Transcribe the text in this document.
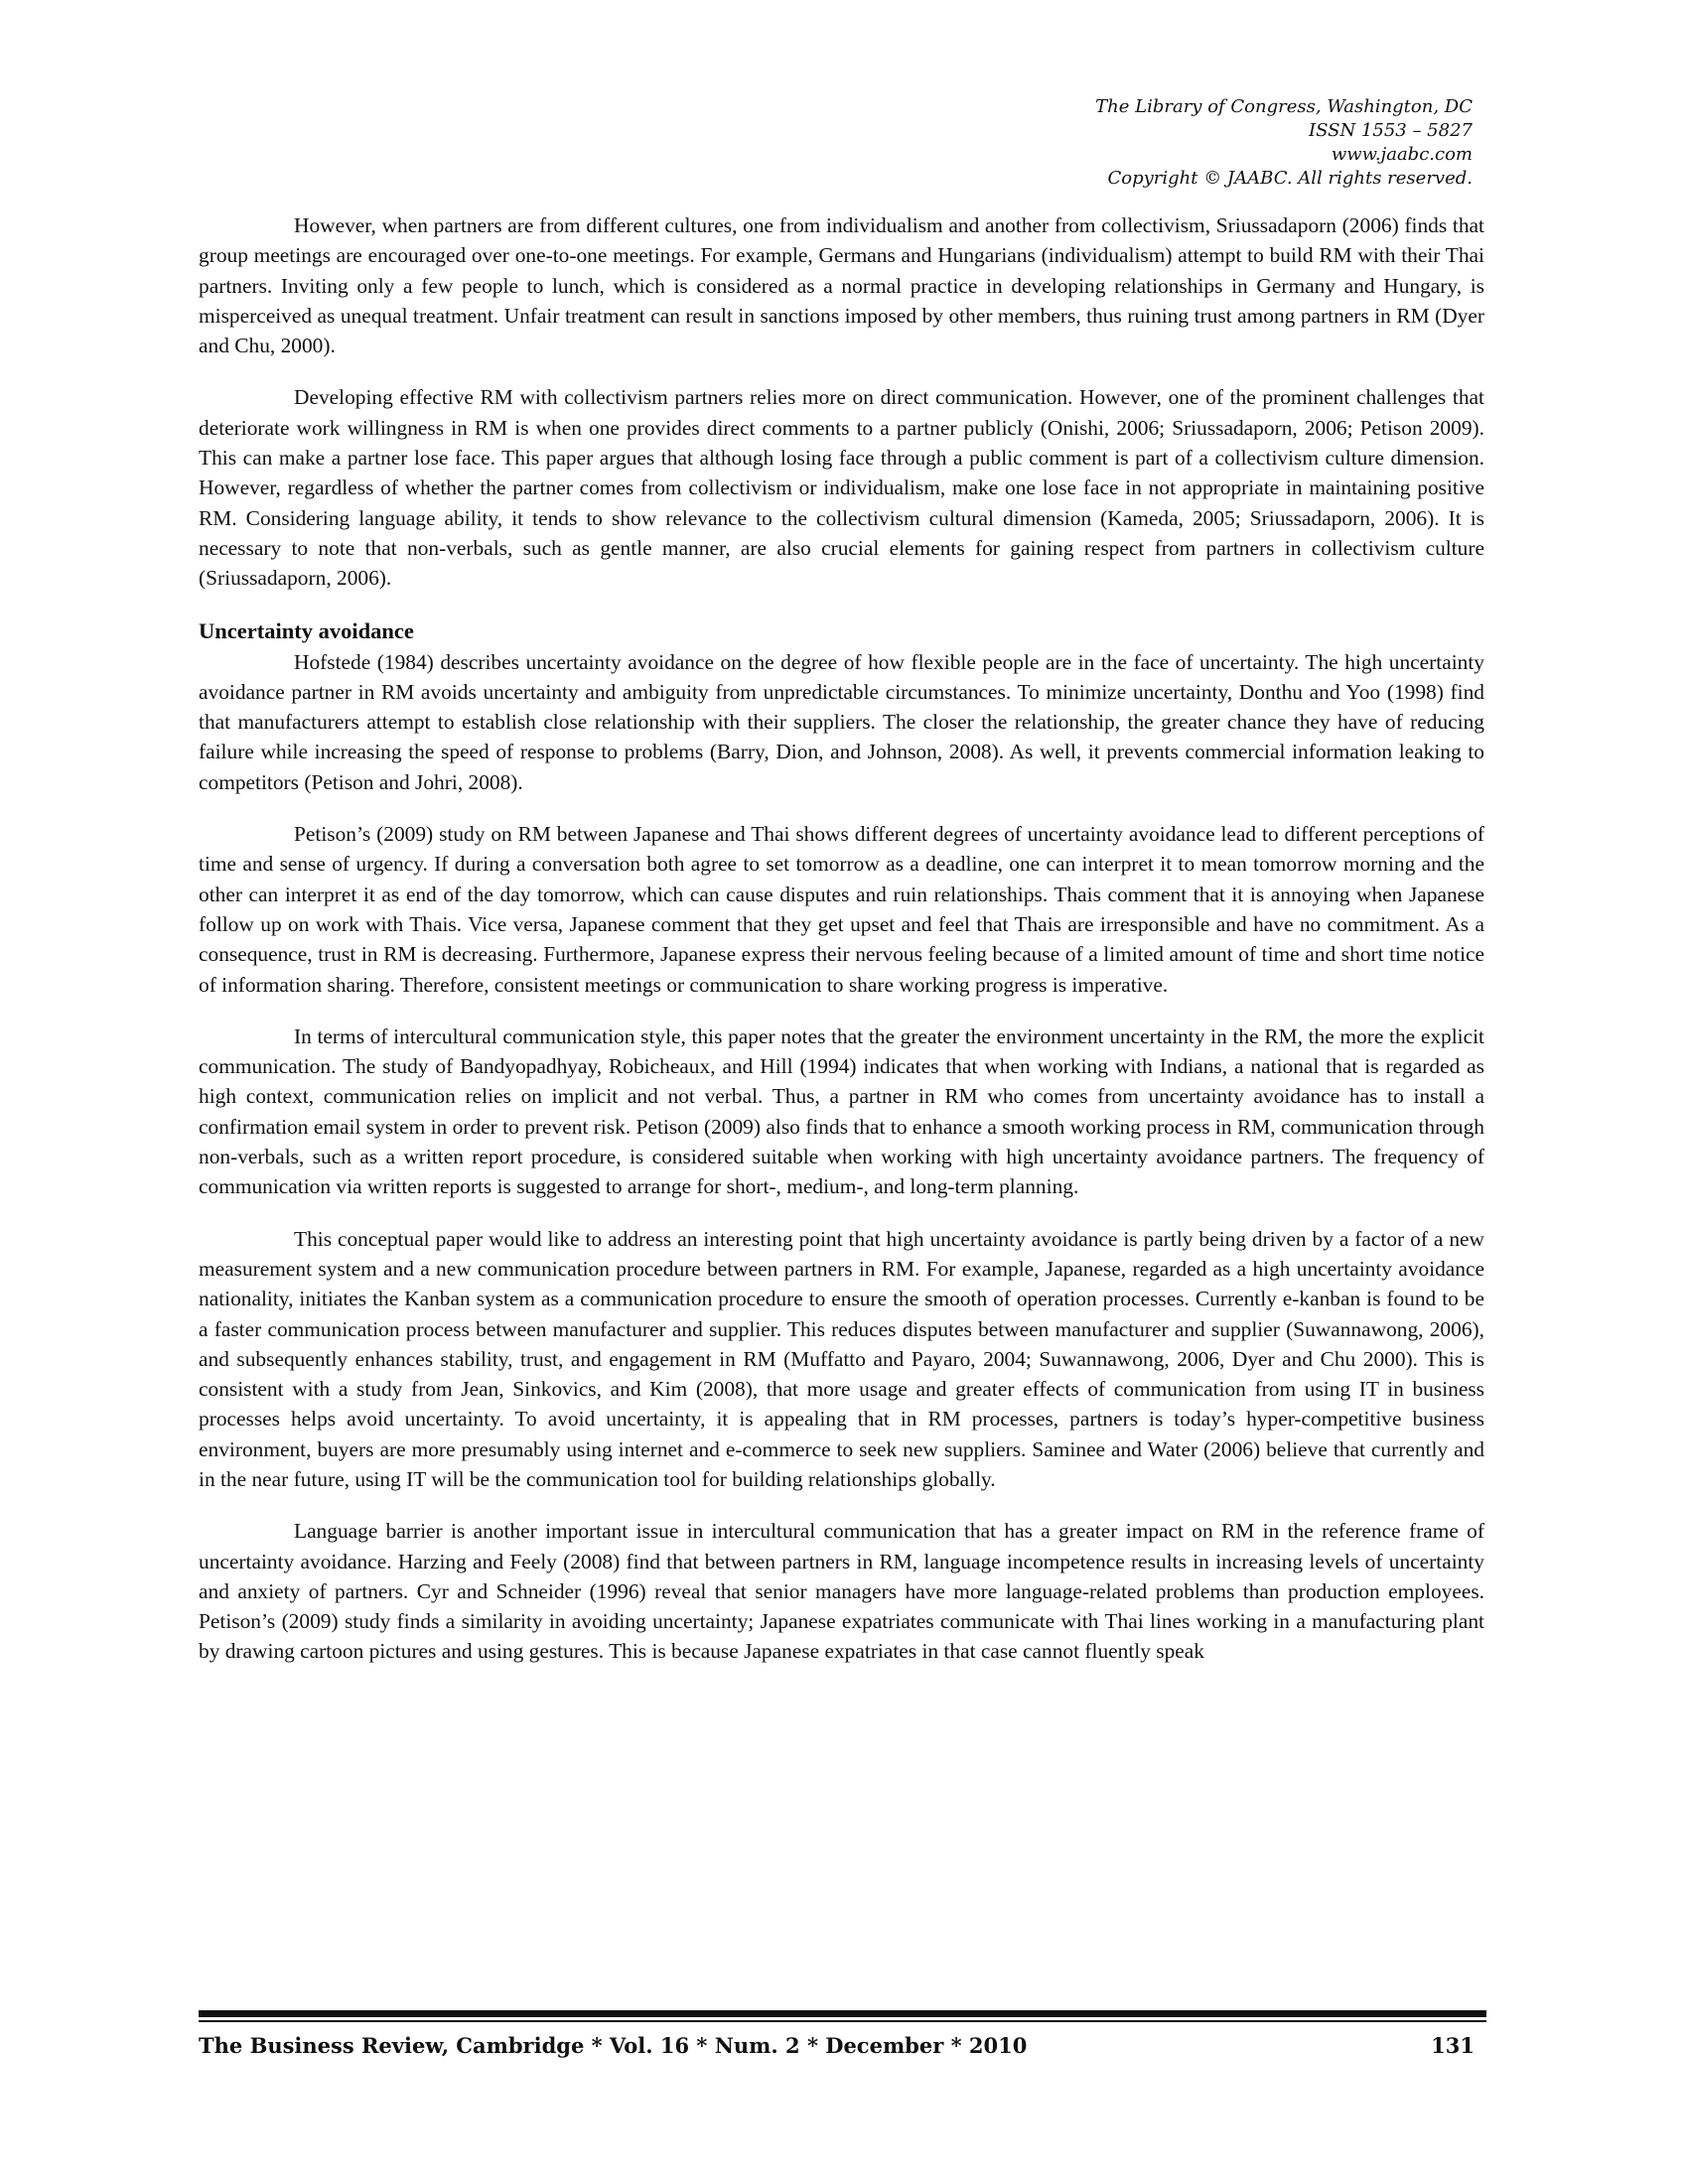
The Library of Congress, Washington, DC
ISSN 1553 – 5827
www.jaabc.com
Copyright © JAABC. All rights reserved.

However, when partners are from different cultures, one from individualism and another from collectivism, Sriussadaporn (2006) finds that group meetings are encouraged over one-to-one meetings. For example, Germans and Hungarians (individualism) attempt to build RM with their Thai partners. Inviting only a few people to lunch, which is considered as a normal practice in developing relationships in Germany and Hungary, is misperceived as unequal treatment. Unfair treatment can result in sanctions imposed by other members, thus ruining trust among partners in RM (Dyer and Chu, 2000).

Developing effective RM with collectivism partners relies more on direct communication. However, one of the prominent challenges that deteriorate work willingness in RM is when one provides direct comments to a partner publicly (Onishi, 2006; Sriussadaporn, 2006; Petison 2009). This can make a partner lose face. This paper argues that although losing face through a public comment is part of a collectivism culture dimension. However, regardless of whether the partner comes from collectivism or individualism, make one lose face in not appropriate in maintaining positive RM. Considering language ability, it tends to show relevance to the collectivism cultural dimension (Kameda, 2005; Sriussadaporn, 2006). It is necessary to note that non-verbals, such as gentle manner, are also crucial elements for gaining respect from partners in collectivism culture (Sriussadaporn, 2006).

Uncertainty avoidance

Hofstede (1984) describes uncertainty avoidance on the degree of how flexible people are in the face of uncertainty. The high uncertainty avoidance partner in RM avoids uncertainty and ambiguity from unpredictable circumstances. To minimize uncertainty, Donthu and Yoo (1998) find that manufacturers attempt to establish close relationship with their suppliers. The closer the relationship, the greater chance they have of reducing failure while increasing the speed of response to problems (Barry, Dion, and Johnson, 2008). As well, it prevents commercial information leaking to competitors (Petison and Johri, 2008).

Petison’s (2009) study on RM between Japanese and Thai shows different degrees of uncertainty avoidance lead to different perceptions of time and sense of urgency. If during a conversation both agree to set tomorrow as a deadline, one can interpret it to mean tomorrow morning and the other can interpret it as end of the day tomorrow, which can cause disputes and ruin relationships. Thais comment that it is annoying when Japanese follow up on work with Thais. Vice versa, Japanese comment that they get upset and feel that Thais are irresponsible and have no commitment. As a consequence, trust in RM is decreasing. Furthermore, Japanese express their nervous feeling because of a limited amount of time and short time notice of information sharing. Therefore, consistent meetings or communication to share working progress is imperative.

In terms of intercultural communication style, this paper notes that the greater the environment uncertainty in the RM, the more the explicit communication. The study of Bandyopadhyay, Robicheaux, and Hill (1994) indicates that when working with Indians, a national that is regarded as high context, communication relies on implicit and not verbal. Thus, a partner in RM who comes from uncertainty avoidance has to install a confirmation email system in order to prevent risk. Petison (2009) also finds that to enhance a smooth working process in RM, communication through non-verbals, such as a written report procedure, is considered suitable when working with high uncertainty avoidance partners. The frequency of communication via written reports is suggested to arrange for short-, medium-, and long-term planning.

This conceptual paper would like to address an interesting point that high uncertainty avoidance is partly being driven by a factor of a new measurement system and a new communication procedure between partners in RM. For example, Japanese, regarded as a high uncertainty avoidance nationality, initiates the Kanban system as a communication procedure to ensure the smooth of operation processes. Currently e-kanban is found to be a faster communication process between manufacturer and supplier. This reduces disputes between manufacturer and supplier (Suwannawong, 2006), and subsequently enhances stability, trust, and engagement in RM (Muffatto and Payaro, 2004; Suwannawong, 2006, Dyer and Chu 2000). This is consistent with a study from Jean, Sinkovics, and Kim (2008), that more usage and greater effects of communication from using IT in business processes helps avoid uncertainty. To avoid uncertainty, it is appealing that in RM processes, partners is today’s hyper-competitive business environment, buyers are more presumably using internet and e-commerce to seek new suppliers. Saminee and Water (2006) believe that currently and in the near future, using IT will be the communication tool for building relationships globally.

Language barrier is another important issue in intercultural communication that has a greater impact on RM in the reference frame of uncertainty avoidance. Harzing and Feely (2008) find that between partners in RM, language incompetence results in increasing levels of uncertainty and anxiety of partners. Cyr and Schneider (1996) reveal that senior managers have more language-related problems than production employees. Petison’s (2009) study finds a similarity in avoiding uncertainty; Japanese expatriates communicate with Thai lines working in a manufacturing plant by drawing cartoon pictures and using gestures. This is because Japanese expatriates in that case cannot fluently speak

The Business Review, Cambridge * Vol. 16 * Num. 2 * December * 2010	131
